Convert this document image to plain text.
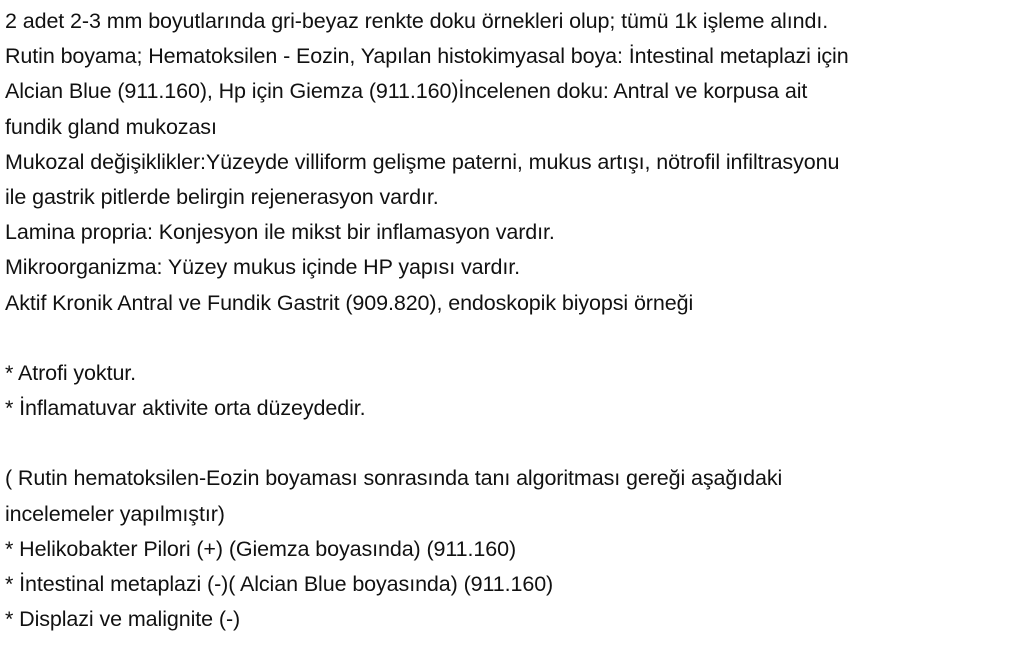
2 adet 2-3 mm boyutlarında gri-beyaz renkte doku örnekleri olup; tümü 1k işleme alındı.
Rutin boyama; Hematoksilen - Eozin, Yapılan histokimyasal boya: İntestinal metaplazi için
Alcian Blue (911.160), Hp için Giemza (911.160)İncelenen doku: Antral ve korpusa ait
fundik gland mukozası
Mukozal değişiklikler:Yüzeyde villiform gelişme paterni, mukus artışı, nötrofil infiltrasyonu
ile gastrik pitlerde belirgin rejenerasyon vardır.
Lamina propria: Konjesyon ile mikst bir inflamasyon vardır.
Mikroorganizma: Yüzey mukus içinde HP yapısı vardır.
Aktif Kronik Antral ve Fundik Gastrit (909.820), endoskopik biyopsi örneği
* Atrofi yoktur.
* İnflamatuvar aktivite orta düzeydedir.
( Rutin hematoksilen-Eozin boyaması sonrasında tanı algoritması gereği aşağıdaki
incelemeler yapılmıştır)
* Helikobakter Pilori (+) (Giemza boyasında) (911.160)
* İntestinal metaplazi (-)( Alcian Blue boyasında) (911.160)
* Displazi ve malignite (-)
